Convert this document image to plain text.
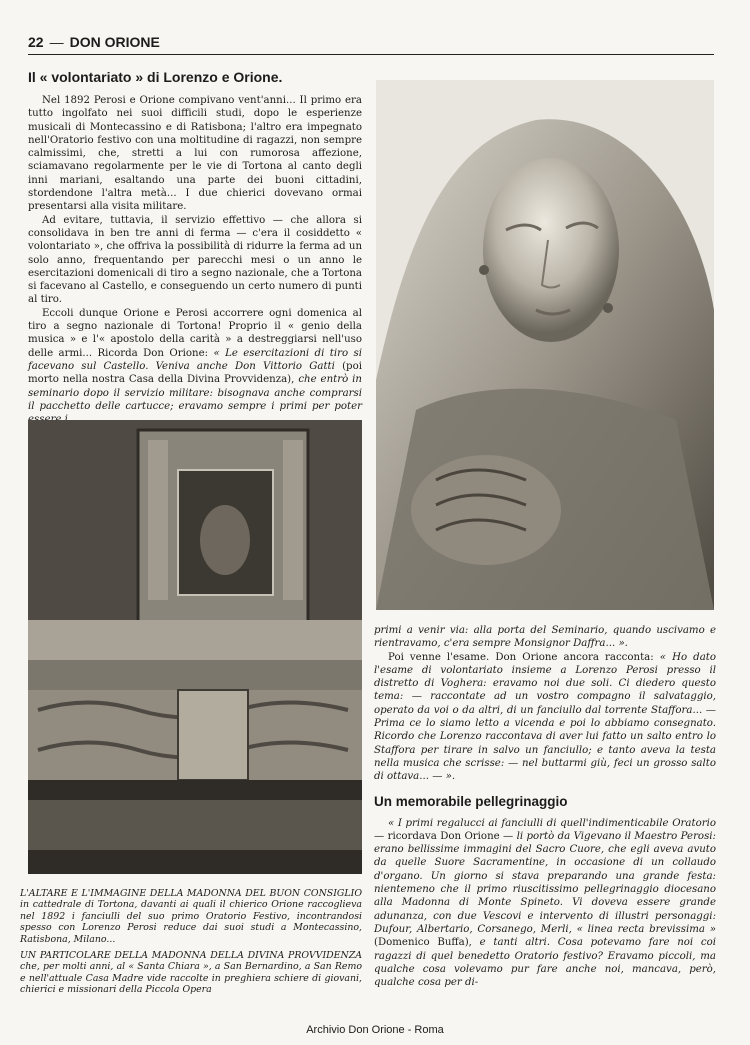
22 — DON ORIONE
Il « volontariato » di Lorenzo e Orione.

Nel 1892 Perosi e Orione compivano vent'anni... Il primo era tutto ingolfato nei suoi difficili studi, dopo le esperienze musicali di Montecassino e di Ratisbona; l'altro era impegnato nell'Oratorio festivo con una moltitudine di ragazzi, non sempre calmissimi, che, stretti a lui con rumorosa affezione, sciamavano regolarmente per le vie di Tortona al canto degli inni mariani, esaltando una parte dei buoni cittadini, stordendone l'altra metà... I due chierici dovevano ormai presentarsi alla visita militare.

Ad evitare, tuttavia, il servizio effettivo — che allora si consolidava in ben tre anni di ferma — c'era il cosiddetto « volontariato », che offriva la possibilità di ridurre la ferma ad un solo anno, frequentando per parecchi mesi o un anno le esercitazioni domenicali di tiro a segno nazionale, che a Tortona si facevano al Castello, e conseguendo un certo numero di punti al tiro.

Eccoli dunque Orione e Perosi accorrere ogni domenica al tiro a segno nazionale di Tortona! Proprio il « genio della musica » e l'« apostolo della carità » a destreggiarsi nell'uso delle armi... Ricorda Don Orione: « Le esercitazioni di tiro si facevano sul Castello. Veniva anche Don Vittorio Gatti (poi morto nella nostra Casa della Divina Provvidenza), che entrò in seminario dopo il servizio militare: bisognava anche comprarsi il pacchetto delle cartucce; eravamo sempre i primi per poter

L'ALTARE E L'IMMAGINE DELLA MADONNA DEL BUON CONSIGLIO in cattedrale di Tortona, davanti ai quali il chierico Orione raccoglieva nel 1892 i fanciulli del suo primo Oratorio Festivo, incontrandosi spesso con Lorenzo Perosi reduce dai suoi studi a Montecassino, Ratisbona, Milano...

UN PARTICOLARE DELLA MADONNA DELLA DIVINA PROVVIDENZA che, per molti anni, al « Santa Chiara », a San Bernardino, a San Remo e nell'attuale Casa Madre vide raccolte in preghiera schiere di giovani, chierici e missionari della Piccola Opera

primi a venir via: alla porta del Seminario, quando uscivamo e rientravamo, c'era sempre Monsignor Daffra... ».

Poi venne l'esame. Don Orione ancora racconta: « Ho dato l'esame di volontariato insieme a Lorenzo Perosi presso il distretto di Voghera: eravamo noi due soli. Ci diedero questo tema: — raccontate ad un vostro compagno il salvataggio, operato da voi o da altri, di un fanciullo dal torrente Staffora... — Prima ce lo siamo letto a vicenda e poi lo abbiamo consegnato. Ricordo che Lorenzo raccontava di aver lui fatto un salto entro lo Staffora per tirare in salvo un fanciullo; e tanto aveva la testa nella musica che scrisse: — nel buttarmi giù, feci un grosso salto di ottava... — ».

Un memorabile pellegrinaggio

« I primi regalucci ai fanciulli di quell'indimenticabile Oratorio — ricordava Don Orione — li portò da Vigevano il Maestro Perosi: erano bellissime immagini del Sacro Cuore, che egli aveva avuto da quelle Suore Sacramentine, in occasione di un collaudo d'organo. Un giorno si stava preparando una grande festa: nientemeno che il primo riuscitissimo pellegrinaggio diocesano alla Madonna di Monte Spineto. Vi doveva essere grande adunanza, con due Vescovi e intervento di illustri personaggi: Dufour, Albertario, Corsanego, Merli, « linea recta brevissima » (Domenico Buffa), e tanti altri. Cosa potevamo fare noi coi ragazzi di quel benedetto Oratorio festivo? Eravamo piccoli, ma qualche cosa volevamo pur fare anche noi, mancava, però, qualche cosa per di-

Archivio Don Orione - Roma
